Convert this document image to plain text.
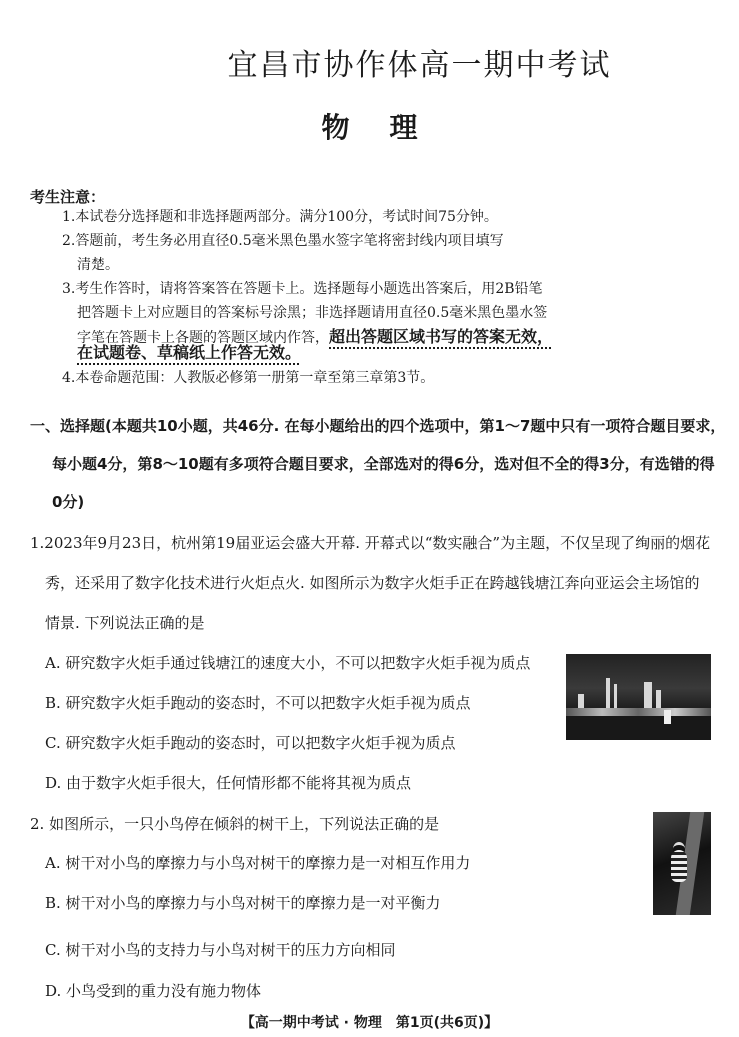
宜昌市协作体高一期中考试
物理
考生注意：
1.本试卷分选择题和非选择题两部分。满分100分，考试时间75分钟。
2.答题前，考生务必用直径0.5毫米黑色墨水签字笔将密封线内项目填写
清楚。
3.考生作答时，请将答案答在答题卡上。选择题每小题选出答案后，用2B铅笔
把答题卡上对应题目的答案标号涂黑；非选择题请用直径0.5毫米黑色墨水签
字笔在答题卡上各题的答题区域内作答，超出答题区域书写的答案无效，
在试题卷、草稿纸上作答无效。
4.本卷命题范围：人教版必修第一册第一章至第三章第3节。
一、选择题(本题共10小题，共46分. 在每小题给出的四个选项中，第1～7题中只有一项符合题目要求，
每小题4分，第8～10题有多项符合题目要求，全部选对的得6分，选对但不全的得3分，有选错的得
0分)
1.2023年9月23日，杭州第19届亚运会盛大开幕. 开幕式以“数实融合”为主题，不仅呈现了绚丽的烟花
秀，还采用了数字化技术进行火炬点火. 如图所示为数字火炬手正在跨越钱塘江奔向亚运会主场馆的
情景. 下列说法正确的是
A. 研究数字火炬手通过钱塘江的速度大小，不可以把数字火炬手视为质点
B. 研究数字火炬手跑动的姿态时，不可以把数字火炬手视为质点
C. 研究数字火炬手跑动的姿态时，可以把数字火炬手视为质点
D. 由于数字火炬手很大，任何情形都不能将其视为质点
2. 如图所示，一只小鸟停在倾斜的树干上，下列说法正确的是
A. 树干对小鸟的摩擦力与小鸟对树干的摩擦力是一对相互作用力
B. 树干对小鸟的摩擦力与小鸟对树干的摩擦力是一对平衡力
C. 树干对小鸟的支持力与小鸟对树干的压力方向相同
D. 小鸟受到的重力没有施力物体
【高一期中考试 · 物理　第1页(共6页)】
